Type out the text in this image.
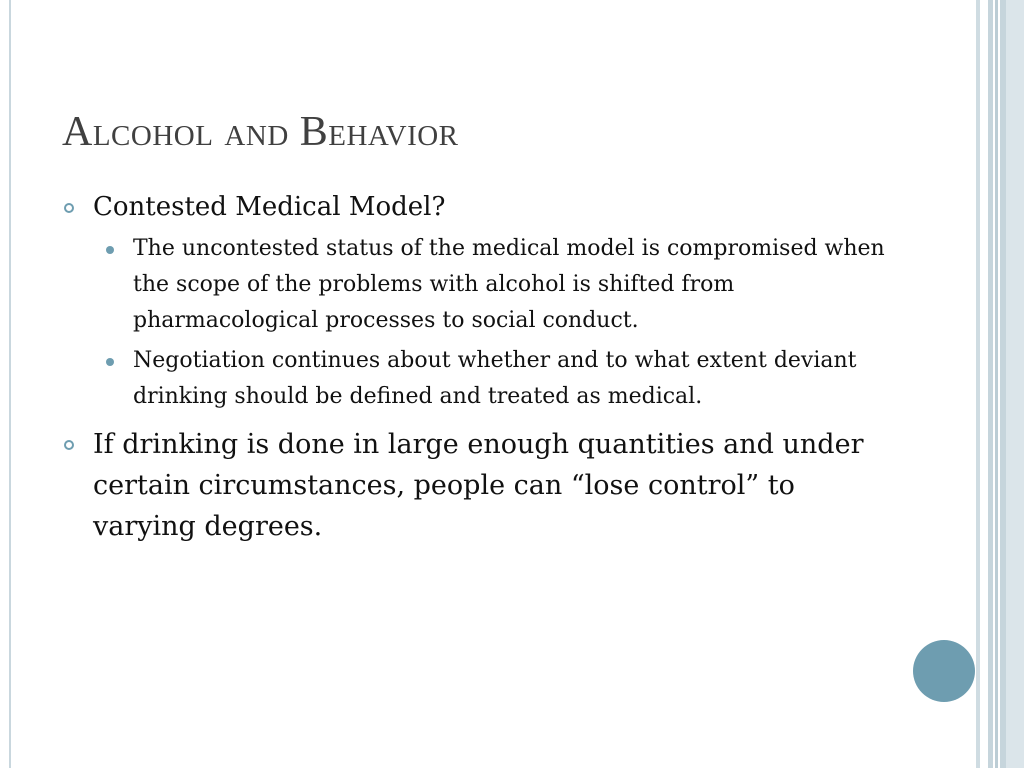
Alcohol and Behavior
Contested Medical Model?
The uncontested status of the medical model is compromised when the scope of the problems with alcohol is shifted from pharmacological processes to social conduct.
Negotiation continues about whether and to what extent deviant drinking should be defined and treated as medical.
If drinking is done in large enough quantities and under certain circumstances, people can “lose control” to varying degrees.
